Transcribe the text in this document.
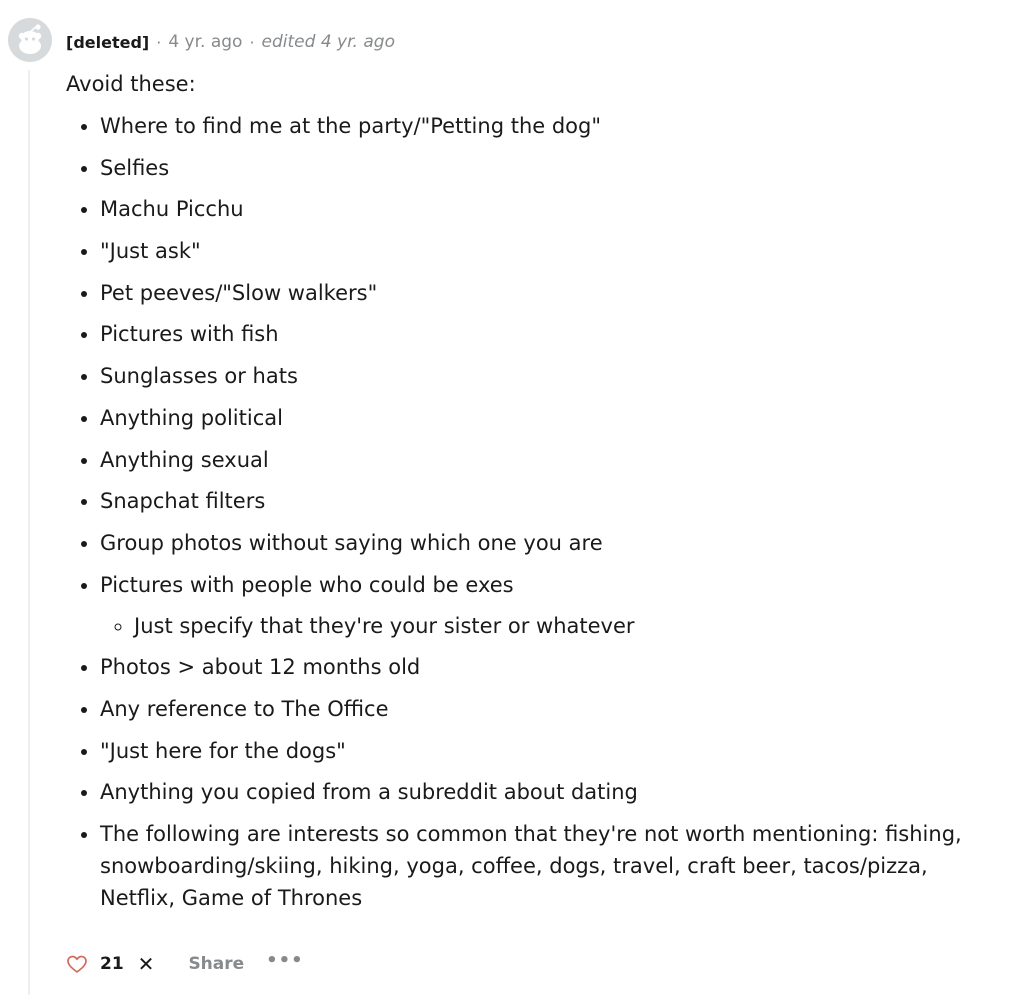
[deleted] · 4 yr. ago · edited 4 yr. ago

Avoid these:

• Where to find me at the party/"Petting the dog"
• Selfies
• Machu Picchu
• "Just ask"
• Pet peeves/"Slow walkers"
• Pictures with fish
• Sunglasses or hats
• Anything political
• Anything sexual
• Snapchat filters
• Group photos without saying which one you are
• Pictures with people who could be exes
◦ Just specify that they're your sister or whatever
• Photos > about 12 months old
• Any reference to The Office
• "Just here for the dogs"
• Anything you copied from a subreddit about dating
• The following are interests so common that they're not worth mentioning: fishing, snowboarding/skiing, hiking, yoga, coffee, dogs, travel, craft beer, tacos/pizza, Netflix, Game of Thrones
21 ✕ Share •••
